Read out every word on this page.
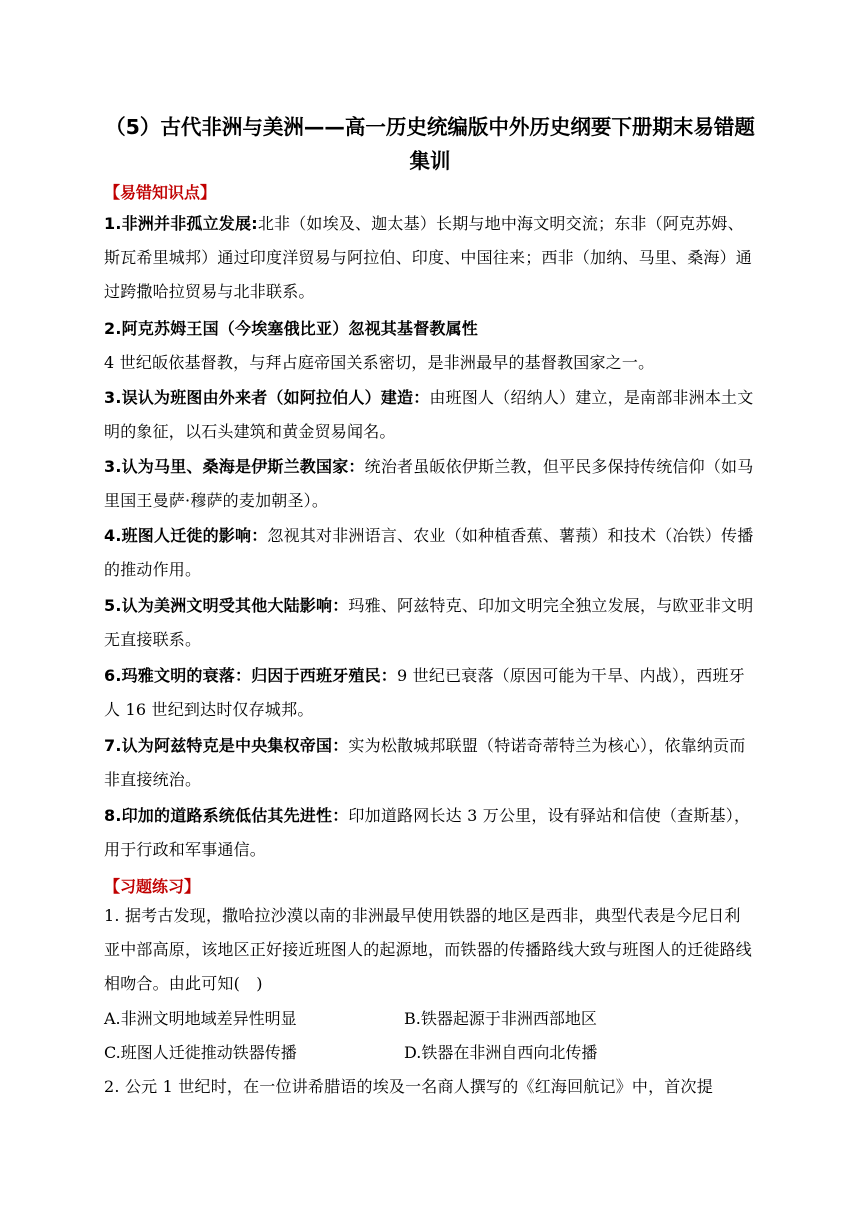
（5）古代非洲与美洲——高一历史统编版中外历史纲要下册期末易错题集训

【易错知识点】

1.非洲并非孤立发展:北非（如埃及、迦太基）长期与地中海文明交流；东非（阿克苏姆、斯瓦希里城邦）通过印度洋贸易与阿拉伯、印度、中国往来；西非（加纳、马里、桑海）通过跨撒哈拉贸易与北非联系。

2.阿克苏姆王国（今埃塞俄比亚）忽视其基督教属性

4 世纪皈依基督教，与拜占庭帝国关系密切，是非洲最早的基督教国家之一。

3.误认为班图由外来者（如阿拉伯人）建造：由班图人（绍纳人）建立，是南部非洲本土文明的象征，以石头建筑和黄金贸易闻名。

3.认为马里、桑海是伊斯兰教国家：统治者虽皈依伊斯兰教，但平民多保持传统信仰（如马里国王曼萨·穆萨的麦加朝圣）。

4.班图人迁徙的影响：忽视其对非洲语言、农业（如种植香蕉、薯蓣）和技术（冶铁）传播的推动作用。

5.认为美洲文明受其他大陆影响：玛雅、阿兹特克、印加文明完全独立发展，与欧亚非文明无直接联系。

6.玛雅文明的衰落：归因于西班牙殖民：9 世纪已衰落（原因可能为干旱、内战），西班牙人 16 世纪到达时仅存城邦。

7.认为阿兹特克是中央集权帝国：实为松散城邦联盟（特诺奇蒂特兰为核心），依靠纳贡而非直接统治。

8.印加的道路系统低估其先进性：印加道路网长达 3 万公里，设有驿站和信使（查斯基），用于行政和军事通信。

【习题练习】

1. 据考古发现，撒哈拉沙漠以南的非洲最早使用铁器的地区是西非，典型代表是今尼日利亚中部高原，该地区正好接近班图人的起源地，而铁器的传播路线大致与班图人的迁徙路线相吻合。由此可知(　)

A.非洲文明地域差异性明显	B.铁器起源于非洲西部地区

C.班图人迁徙推动铁器传播	D.铁器在非洲自西向北传播

2. 公元 1 世纪时，在一位讲希腊语的埃及一名商人撰写的《红海回航记》中，首次提
